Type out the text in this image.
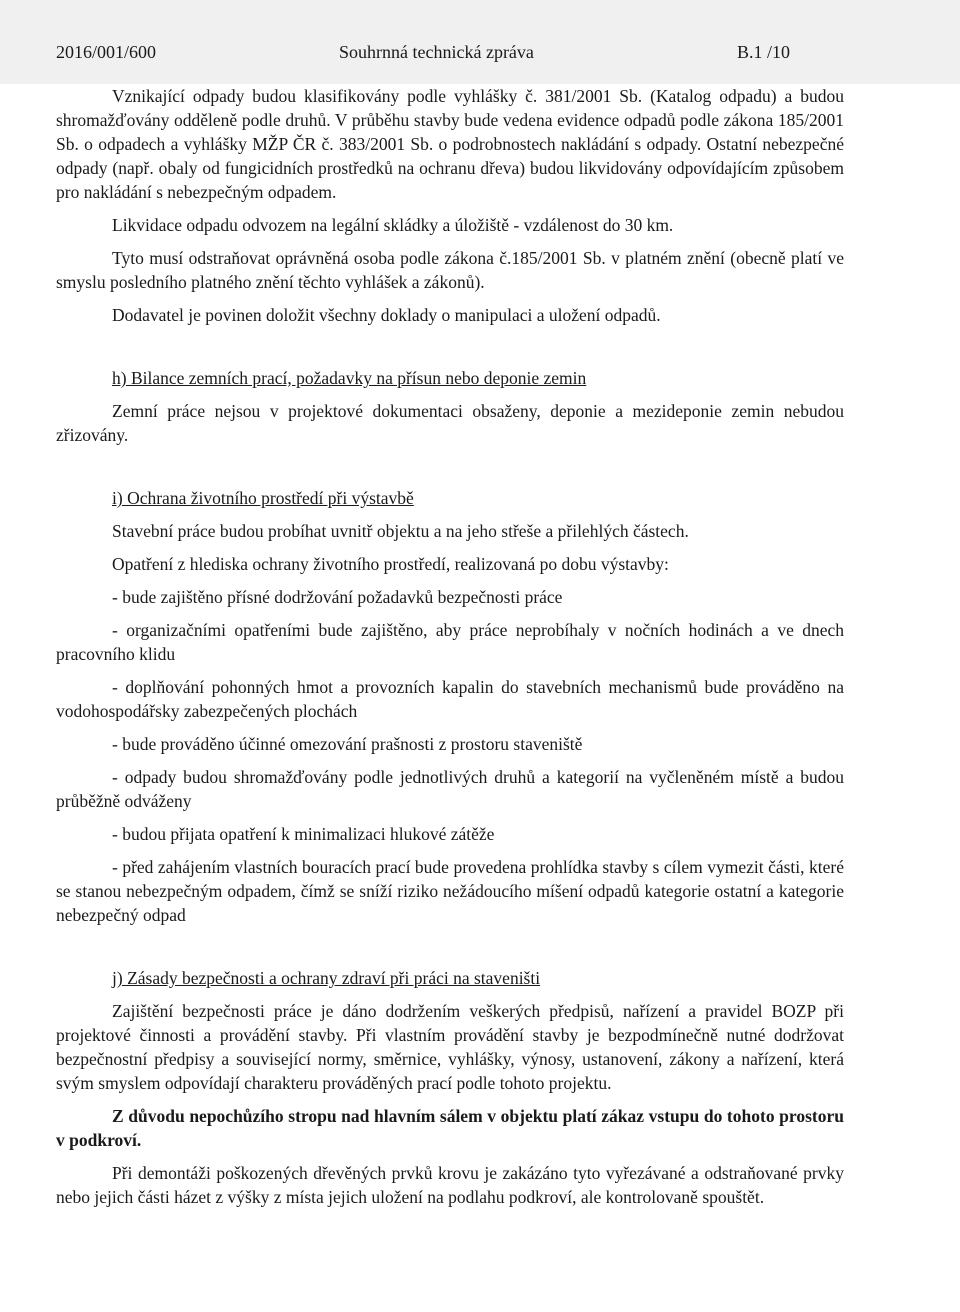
2016/001/600	Souhrnná technická zpráva	B.1 /10

Vznikající odpady budou klasifikovány podle vyhlášky č. 381/2001 Sb. (Katalog odpadu) a budou shromažďovány odděleně podle druhů. V průběhu stavby bude vedena evidence odpadů podle zákona 185/2001 Sb. o odpadech a vyhlášky MŽP ČR č. 383/2001 Sb. o podrobnostech nakládání s odpady. Ostatní nebezpečné odpady (např. obaly od fungicidních prostředků na ochranu dřeva) budou likvidovány odpovídajícím způsobem pro nakládání s nebezpečným odpadem.

Likvidace odpadu odvozem na legální skládky a úložiště - vzdálenost do 30 km.

Tyto musí odstraňovat oprávněná osoba podle zákona č.185/2001 Sb. v platném znění (obecně platí ve smyslu posledního platného znění těchto vyhlášek a zákonů).

Dodavatel je povinen doložit všechny doklady o manipulaci a uložení odpadů.

h) Bilance zemních prací, požadavky na přísun nebo deponie zemin

Zemní práce nejsou v projektové dokumentaci obsaženy, deponie a mezideponie zemin nebudou zřizovány.

i) Ochrana životního prostředí při výstavbě

Stavební práce budou probíhat uvnitř objektu a na jeho střeše a přilehlých částech.

Opatření z hlediska ochrany životního prostředí, realizovaná po dobu výstavby:

- bude zajištěno přísné dodržování požadavků bezpečnosti práce

- organizačními opatřeními bude zajištěno, aby práce neprobíhaly v nočních hodinách a ve dnech pracovního klidu

- doplňování pohonných hmot a provozních kapalin do stavebních mechanismů bude prováděno na vodohospodářsky zabezpečených plochách

- bude prováděno účinné omezování prašnosti z prostoru staveniště

- odpady budou shromažďovány podle jednotlivých druhů a kategorií na vyčleněném místě a budou průběžně odváženy

- budou přijata opatření k minimalizaci hlukové zátěže

- před zahájením vlastních bouracích prací bude provedena prohlídka stavby s cílem vymezit části, které se stanou nebezpečným odpadem, čímž se sníží riziko nežádoucího míšení odpadů kategorie ostatní a kategorie nebezpečný odpad

j) Zásady bezpečnosti a ochrany zdraví při práci na staveništi

Zajištění bezpečnosti práce je dáno dodržením veškerých předpisů, nařízení a pravidel BOZP při projektové činnosti a provádění stavby. Při vlastním provádění stavby je bezpodmínečně nutné dodržovat bezpečnostní předpisy a související normy, směrnice, vyhlášky, výnosy, ustanovení, zákony a nařízení, která svým smyslem odpovídají charakteru prováděných prací podle tohoto projektu.

Z důvodu nepochůzího stropu nad hlavním sálem v objektu platí zákaz vstupu do tohoto prostoru v podkroví.

Při demontáži poškozených dřevěných prvků krovu je zakázáno tyto vyřezávané a odstraňované prvky nebo jejich části házet z výšky z místa jejich uložení na podlahu podkroví, ale kontrolovaně spouštět.
